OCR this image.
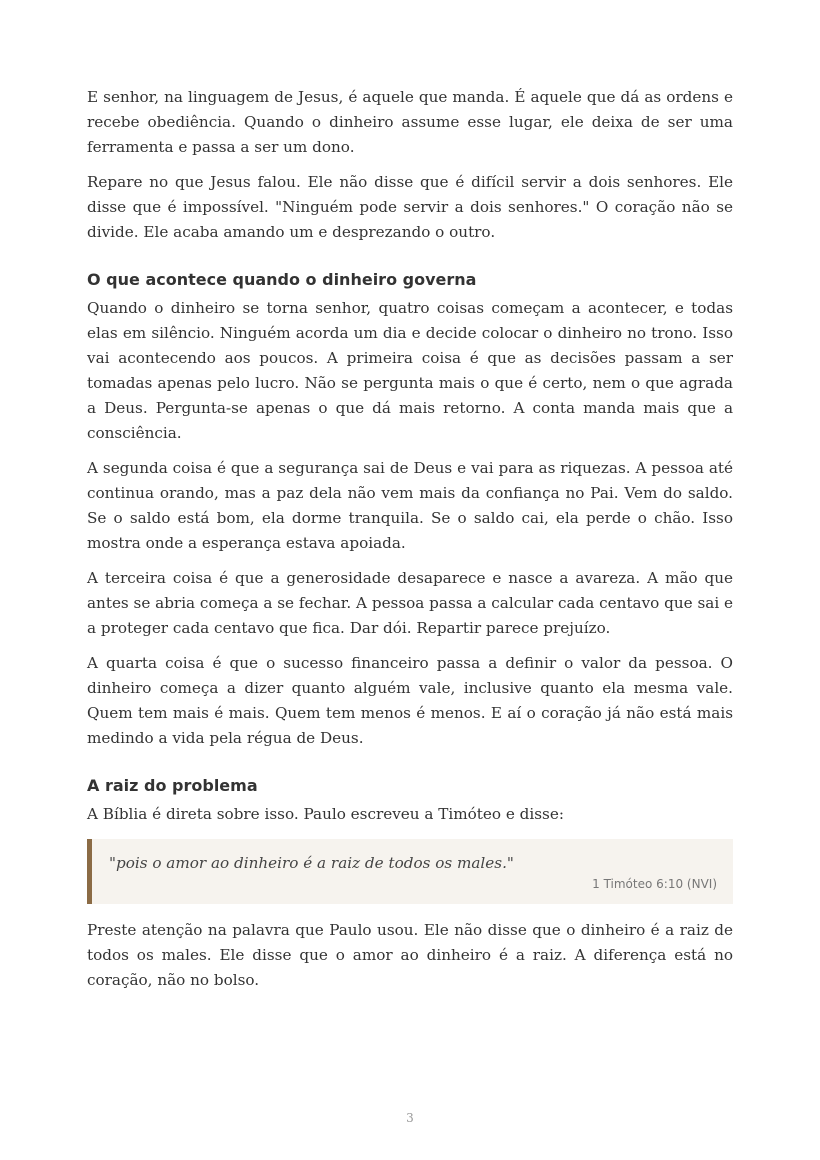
E senhor, na linguagem de Jesus, é aquele que manda. É aquele que dá as ordens e recebe obediência. Quando o dinheiro assume esse lugar, ele deixa de ser uma ferramenta e passa a ser um dono.

Repare no que Jesus falou. Ele não disse que é difícil servir a dois senhores. Ele disse que é impossível. "Ninguém pode servir a dois senhores." O coração não se divide. Ele acaba amando um e desprezando o outro.

O que acontece quando o dinheiro governa

Quando o dinheiro se torna senhor, quatro coisas começam a acontecer, e todas elas em silêncio. Ninguém acorda um dia e decide colocar o dinheiro no trono. Isso vai acontecendo aos poucos. A primeira coisa é que as decisões passam a ser tomadas apenas pelo lucro. Não se pergunta mais o que é certo, nem o que agrada a Deus. Pergunta-se apenas o que dá mais retorno. A conta manda mais que a consciência.

A segunda coisa é que a segurança sai de Deus e vai para as riquezas. A pessoa até continua orando, mas a paz dela não vem mais da confiança no Pai. Vem do saldo. Se o saldo está bom, ela dorme tranquila. Se o saldo cai, ela perde o chão. Isso mostra onde a esperança estava apoiada.

A terceira coisa é que a generosidade desaparece e nasce a avareza. A mão que antes se abria começa a se fechar. A pessoa passa a calcular cada centavo que sai e a proteger cada centavo que fica. Dar dói. Repartir parece prejuízo.

A quarta coisa é que o sucesso financeiro passa a definir o valor da pessoa. O dinheiro começa a dizer quanto alguém vale, inclusive quanto ela mesma vale. Quem tem mais é mais. Quem tem menos é menos. E aí o coração já não está mais medindo a vida pela régua de Deus.

A raiz do problema

A Bíblia é direta sobre isso. Paulo escreveu a Timóteo e disse:

"pois o amor ao dinheiro é a raiz de todos os males."

1 Timóteo 6:10 (NVI)

Preste atenção na palavra que Paulo usou. Ele não disse que o dinheiro é a raiz de todos os males. Ele disse que o amor ao dinheiro é a raiz. A diferença está no coração, não no bolso.

3
